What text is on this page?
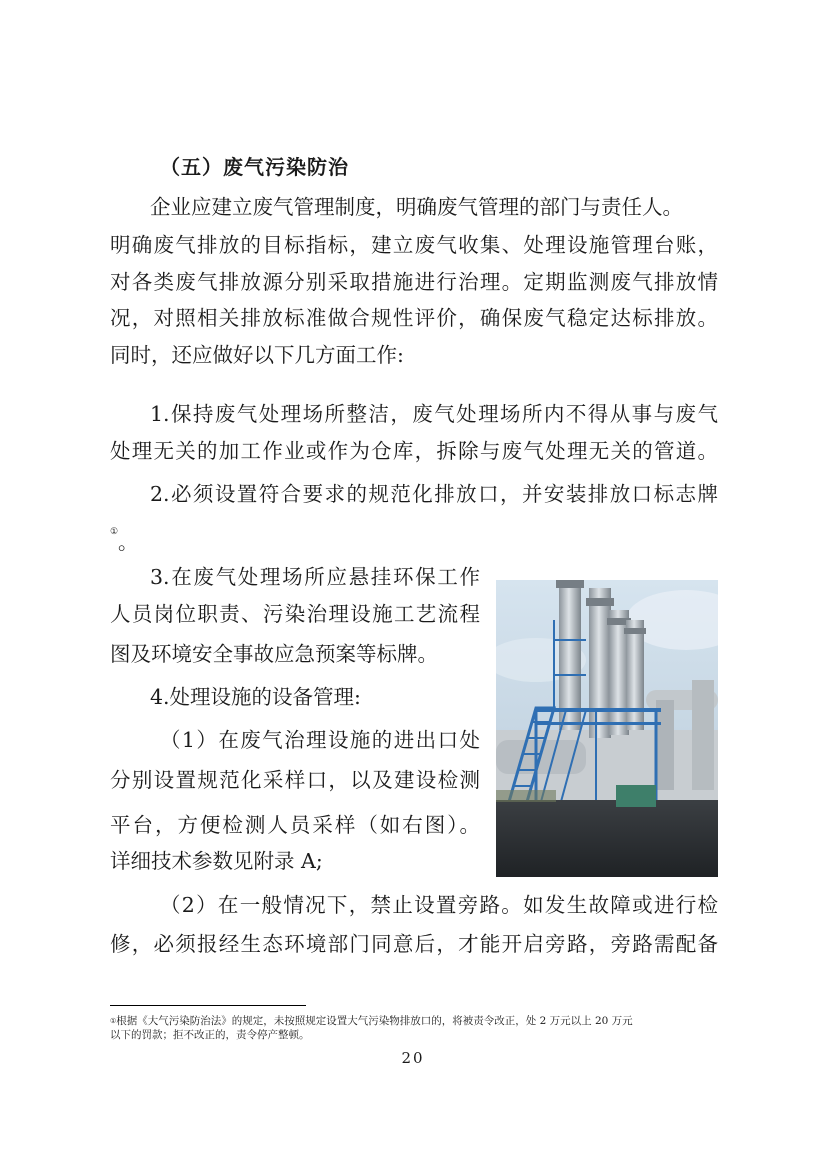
（五）废气污染防治
企业应建立废气管理制度，明确废气管理的部门与责任人。
明确废气排放的目标指标，建立废气收集、处理设施管理台账，
对各类废气排放源分别采取措施进行治理。定期监测废气排放情
况，对照相关排放标准做合规性评价，确保废气稳定达标排放。
同时，还应做好以下几方面工作:
1.保持废气处理场所整洁，废气处理场所内不得从事与废气
处理无关的加工作业或作为仓库，拆除与废气处理无关的管道。
2.必须设置符合要求的规范化排放口，并安装排放口标志牌
① 。
3.在废气处理场所应悬挂环保工作
人员岗位职责、污染治理设施工艺流程
图及环境安全事故应急预案等标牌。
4.处理设施的设备管理:
（1）在废气治理设施的进出口处
分别设置规范化采样口，以及建设检测
平台，方便检测人员采样（如右图）。
详细技术参数见附录 A;
（2）在一般情况下，禁止设置旁路。如发生故障或进行检
修，必须报经生态环境部门同意后，才能开启旁路，旁路需配备
①根据《大气污染防治法》的规定，未按照规定设置大气污染物排放口的，将被责令改正，处 2 万元以上 20 万元
以下的罚款；拒不改正的，责令停产整顿。
20
